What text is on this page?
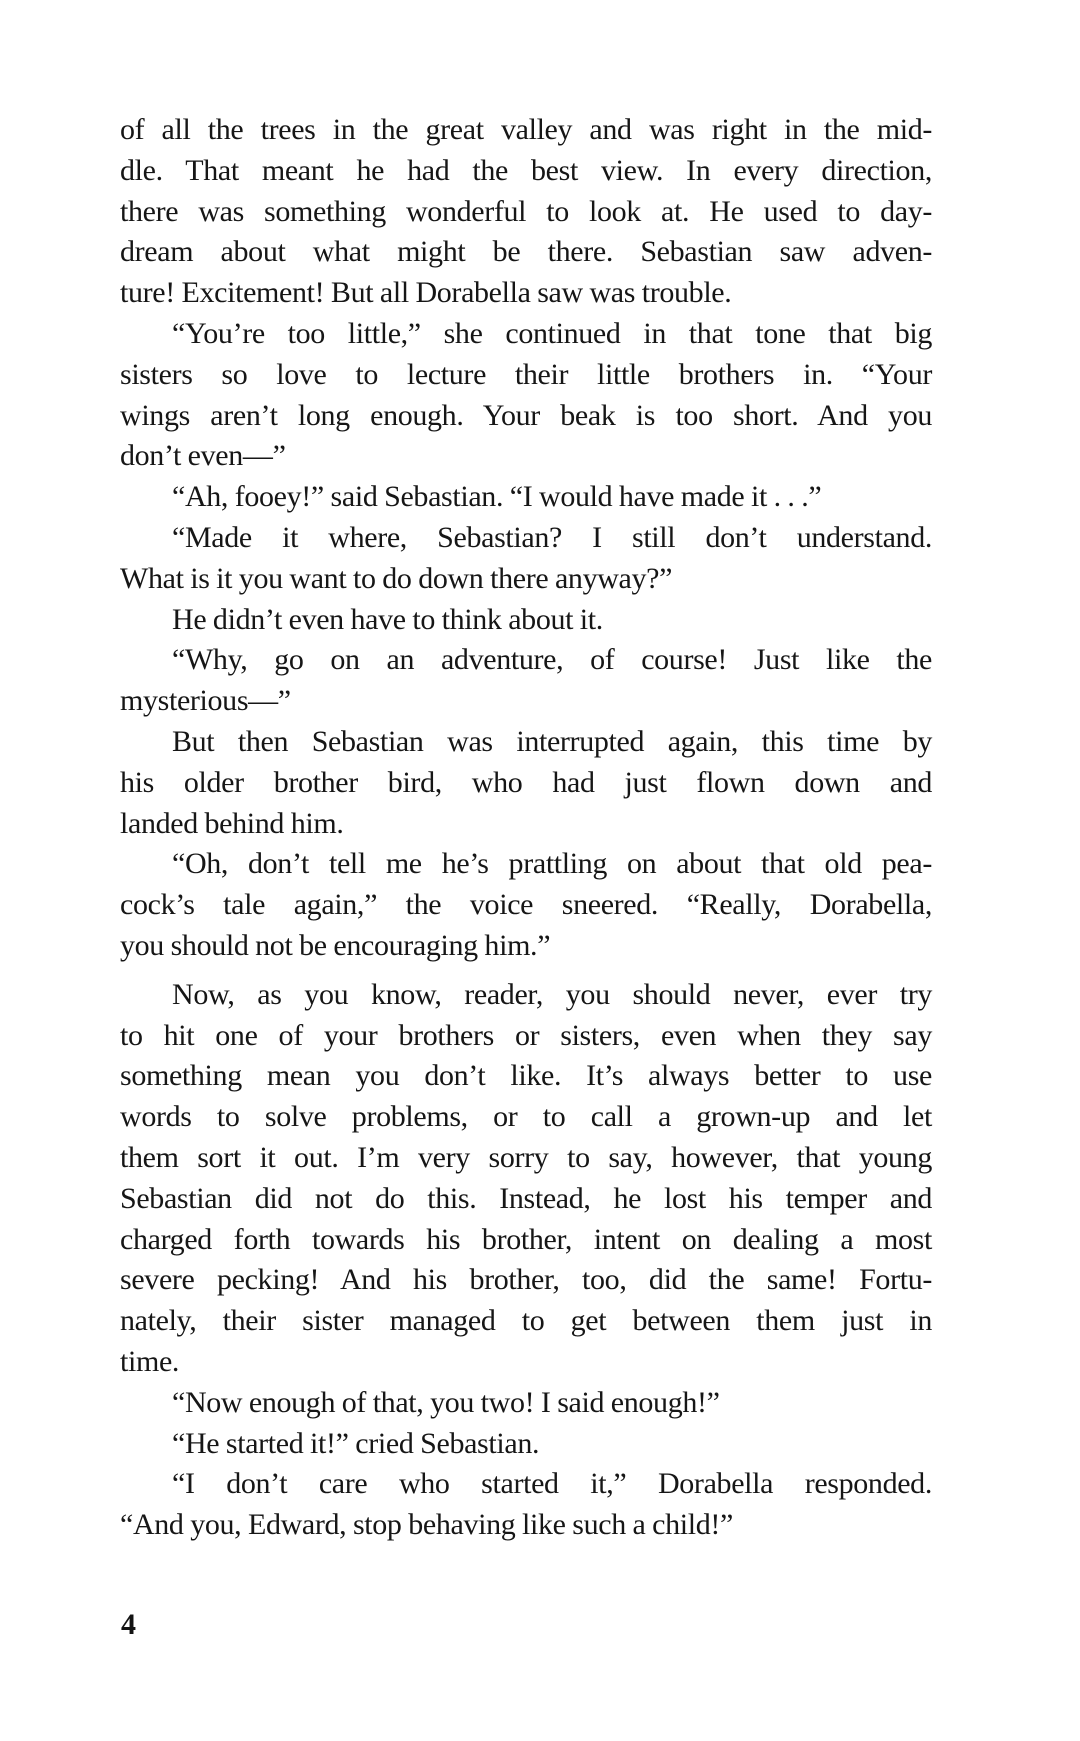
of all the trees in the great valley and was right in the mid-
dle. That meant he had the best view. In every direction,
there was something wonderful to look at. He used to day-
dream about what might be there. Sebastian saw adven-
ture! Excitement! But all Dorabella saw was trouble.
“You’re too little,” she continued in that tone that big
sisters so love to lecture their little brothers in. “Your
wings aren’t long enough. Your beak is too short. And you
don’t even—”
“Ah, fooey!” said Sebastian. “I would have made it . . .”
“Made it where, Sebastian? I still don’t understand.
What is it you want to do down there anyway?”
He didn’t even have to think about it.
“Why, go on an adventure, of course! Just like the
mysterious—”
But then Sebastian was interrupted again, this time by
his older brother bird, who had just flown down and
landed behind him.
“Oh, don’t tell me he’s prattling on about that old pea-
cock’s tale again,” the voice sneered. “Really, Dorabella,
you should not be encouraging him.”
Now, as you know, reader, you should never, ever try
to hit one of your brothers or sisters, even when they say
something mean you don’t like. It’s always better to use
words to solve problems, or to call a grown-up and let
them sort it out. I’m very sorry to say, however, that young
Sebastian did not do this. Instead, he lost his temper and
charged forth towards his brother, intent on dealing a most
severe pecking! And his brother, too, did the same! Fortu-
nately, their sister managed to get between them just in
time.
“Now enough of that, you two! I said enough!”
“He started it!” cried Sebastian.
“I don’t care who started it,” Dorabella responded.
“And you, Edward, stop behaving like such a child!”
4
